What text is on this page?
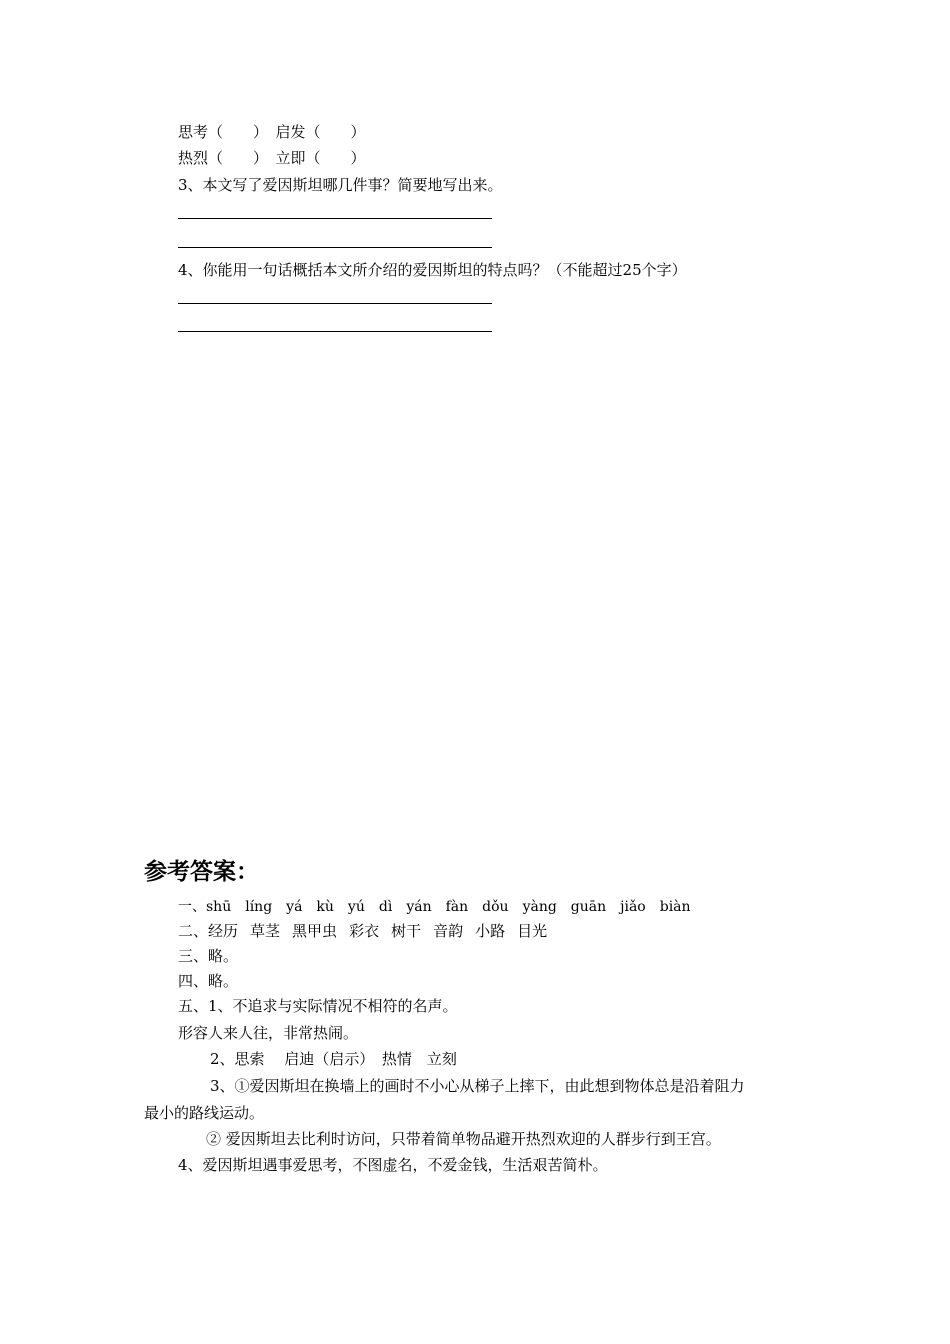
思考（　　）　启发（　　）
热烈（　　）　立即（　　）
3、本文写了爱因斯坦哪几件事？简要地写出来。
4、你能用一句话概括本文所介绍的爱因斯坦的特点吗？（不能超过25个字）
参考答案：
一、shū líng yá kù yú dì yán fàn dǒu yàng guān jiǎo biàn
二、经历 草茎 黑甲虫 彩衣 树干 音韵 小路 目光
三、略。
四、略。
五、1、不追求与实际情况不相符的名声。
形容人来人往，非常热闹。
2、思索　 启迪（启示）　热情　立刻
3、①爱因斯坦在换墙上的画时不小心从梯子上摔下，由此想到物体总是沿着阻力
最小的路线运动。
② 爱因斯坦去比利时访问，只带着简单物品避开热烈欢迎的人群步行到王宫。
4、爱因斯坦遇事爱思考，不图虚名，不爱金钱，生活艰苦简朴。
